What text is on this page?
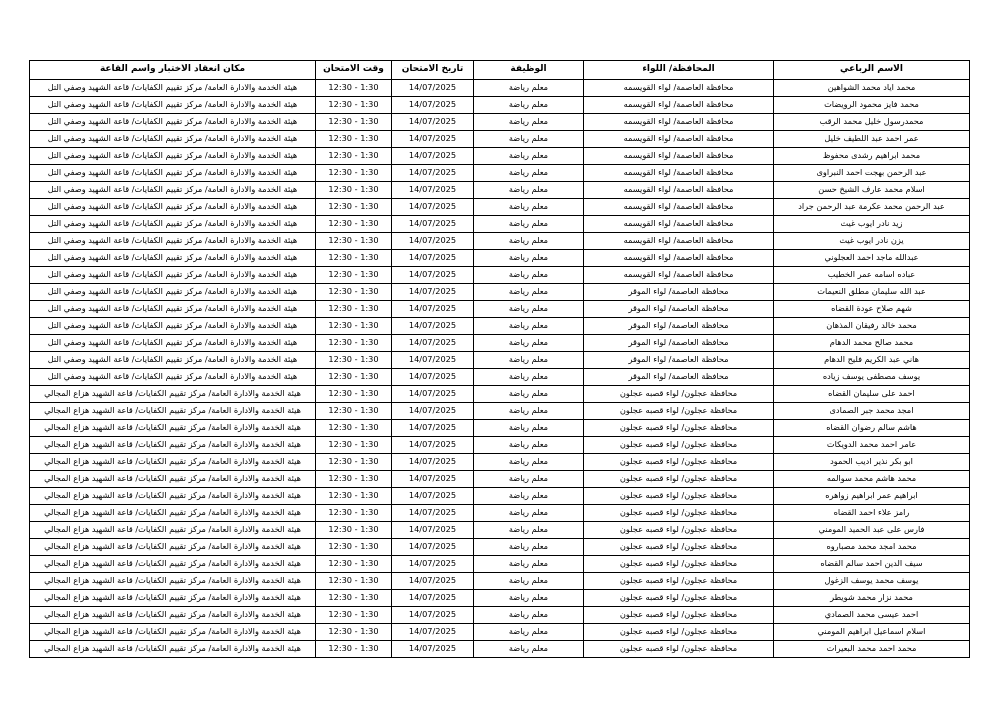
الاسم الرباعي	المحافظة/ اللواء	الوظيفة	تاريخ الامتحان	وقت الامتحان	مكان انعقاد الاختبار واسم القاعة
محمد اياد محمد الشواهين	محافظة العاصمة/ لواء القويسمه	معلم رياضة	14/07/2025	1:30 - 12:30	هيئة الخدمة والادارة العامة/ مركز تقييم الكفايات/ قاعة الشهيد وصفي التل
محمد فايز محمود الرويضات	محافظة العاصمة/ لواء القويسمه	معلم رياضة	14/07/2025	1:30 - 12:30	هيئة الخدمة والادارة العامة/ مركز تقييم الكفايات/ قاعة الشهيد وصفي التل
محمدرسول خليل محمد الرقب	محافظة العاصمة/ لواء القويسمه	معلم رياضة	14/07/2025	1:30 - 12:30	هيئة الخدمة والادارة العامة/ مركز تقييم الكفايات/ قاعة الشهيد وصفي التل
عمر احمد عبد اللطيف خليل	محافظة العاصمة/ لواء القويسمه	معلم رياضة	14/07/2025	1:30 - 12:30	هيئة الخدمة والادارة العامة/ مركز تقييم الكفايات/ قاعة الشهيد وصفي التل
محمد ابراهيم رشدى محفوظ	محافظة العاصمة/ لواء القويسمه	معلم رياضة	14/07/2025	1:30 - 12:30	هيئة الخدمة والادارة العامة/ مركز تقييم الكفايات/ قاعة الشهيد وصفي التل
عبد الرحمن بهجت احمد النبراوى	محافظة العاصمة/ لواء القويسمه	معلم رياضة	14/07/2025	1:30 - 12:30	هيئة الخدمة والادارة العامة/ مركز تقييم الكفايات/ قاعة الشهيد وصفي التل
اسلام محمد عارف الشيخ حسن	محافظة العاصمة/ لواء القويسمه	معلم رياضة	14/07/2025	1:30 - 12:30	هيئة الخدمة والادارة العامة/ مركز تقييم الكفايات/ قاعة الشهيد وصفي التل
عبد الرحمن محمد عكرمة عبد الرحمن جراد	محافظة العاصمة/ لواء القويسمه	معلم رياضة	14/07/2025	1:30 - 12:30	هيئة الخدمة والادارة العامة/ مركز تقييم الكفايات/ قاعة الشهيد وصفي التل
زيد نادر ايوب غيث	محافظة العاصمة/ لواء القويسمه	معلم رياضة	14/07/2025	1:30 - 12:30	هيئة الخدمة والادارة العامة/ مركز تقييم الكفايات/ قاعة الشهيد وصفي التل
يزن نادر ايوب غيث	محافظة العاصمة/ لواء القويسمه	معلم رياضة	14/07/2025	1:30 - 12:30	هيئة الخدمة والادارة العامة/ مركز تقييم الكفايات/ قاعة الشهيد وصفي التل
عبدالله ماجد احمد العجلوني	محافظة العاصمة/ لواء القويسمه	معلم رياضة	14/07/2025	1:30 - 12:30	هيئة الخدمة والادارة العامة/ مركز تقييم الكفايات/ قاعة الشهيد وصفي التل
عباده اسامه عمر الخطيب	محافظة العاصمة/ لواء القويسمه	معلم رياضة	14/07/2025	1:30 - 12:30	هيئة الخدمة والادارة العامة/ مركز تقييم الكفايات/ قاعة الشهيد وصفي التل
عبد الله سليمان مطلق النعيمات	محافظة العاصمة/ لواء الموقر	معلم رياضة	14/07/2025	1:30 - 12:30	هيئة الخدمة والادارة العامة/ مركز تقييم الكفايات/ قاعة الشهيد وصفي التل
شهم صلاح عودة القضاه	محافظة العاصمة/ لواء الموقر	معلم رياضة	14/07/2025	1:30 - 12:30	هيئة الخدمة والادارة العامة/ مركز تقييم الكفايات/ قاعة الشهيد وصفي التل
محمد خالد رفيقان المذهان	محافظة العاصمة/ لواء الموقر	معلم رياضة	14/07/2025	1:30 - 12:30	هيئة الخدمة والادارة العامة/ مركز تقييم الكفايات/ قاعة الشهيد وصفي التل
محمد صالح محمد الدهام	محافظة العاصمة/ لواء الموقر	معلم رياضة	14/07/2025	1:30 - 12:30	هيئة الخدمة والادارة العامة/ مركز تقييم الكفايات/ قاعة الشهيد وصفي التل
هاني عبد الكريم فليح الدهام	محافظة العاصمة/ لواء الموقر	معلم رياضة	14/07/2025	1:30 - 12:30	هيئة الخدمة والادارة العامة/ مركز تقييم الكفايات/ قاعة الشهيد وصفي التل
يوسف مصطفى يوسف زياده	محافظة العاصمة/ لواء الموقر	معلم رياضة	14/07/2025	1:30 - 12:30	هيئة الخدمة والادارة العامة/ مركز تقييم الكفايات/ قاعة الشهيد وصفي التل
احمد على سليمان القضاه	محافظة عجلون/ لواء قصبه عجلون	معلم رياضة	14/07/2025	1:30 - 12:30	هيئة الخدمة والادارة العامة/ مركز تقييم الكفايات/ قاعة الشهيد هزاع المجالي
امجد محمد جبر الصمادى	محافظة عجلون/ لواء قصبه عجلون	معلم رياضة	14/07/2025	1:30 - 12:30	هيئة الخدمة والادارة العامة/ مركز تقييم الكفايات/ قاعة الشهيد هزاع المجالي
هاشم سالم رضوان القضاه	محافظة عجلون/ لواء قصبه عجلون	معلم رياضة	14/07/2025	1:30 - 12:30	هيئة الخدمة والادارة العامة/ مركز تقييم الكفايات/ قاعة الشهيد هزاع المجالي
عامر احمد محمد الدويكات	محافظة عجلون/ لواء قصبه عجلون	معلم رياضة	14/07/2025	1:30 - 12:30	هيئة الخدمة والادارة العامة/ مركز تقييم الكفايات/ قاعة الشهيد هزاع المجالي
ابو بكر نذير اديب الحمود	محافظة عجلون/ لواء قصبه عجلون	معلم رياضة	14/07/2025	1:30 - 12:30	هيئة الخدمة والادارة العامة/ مركز تقييم الكفايات/ قاعة الشهيد هزاع المجالي
محمد هاشم محمد سوالمه	محافظة عجلون/ لواء قصبه عجلون	معلم رياضة	14/07/2025	1:30 - 12:30	هيئة الخدمة والادارة العامة/ مركز تقييم الكفايات/ قاعة الشهيد هزاع المجالي
ابراهيم عمر ابراهيم زواهره	محافظة عجلون/ لواء قصبه عجلون	معلم رياضة	14/07/2025	1:30 - 12:30	هيئة الخدمة والادارة العامة/ مركز تقييم الكفايات/ قاعة الشهيد هزاع المجالي
رامز علاء احمد القضاه	محافظة عجلون/ لواء قصبه عجلون	معلم رياضة	14/07/2025	1:30 - 12:30	هيئة الخدمة والادارة العامة/ مركز تقييم الكفايات/ قاعة الشهيد هزاع المجالي
فارس على عبد الحميد المومني	محافظة عجلون/ لواء قصبه عجلون	معلم رياضة	14/07/2025	1:30 - 12:30	هيئة الخدمة والادارة العامة/ مركز تقييم الكفايات/ قاعة الشهيد هزاع المجالي
محمد امجد محمد مصباروه	محافظة عجلون/ لواء قصبه عجلون	معلم رياضة	14/07/2025	1:30 - 12:30	هيئة الخدمة والادارة العامة/ مركز تقييم الكفايات/ قاعة الشهيد هزاع المجالي
سيف الدين احمد سالم القضاه	محافظة عجلون/ لواء قصبه عجلون	معلم رياضة	14/07/2025	1:30 - 12:30	هيئة الخدمة والادارة العامة/ مركز تقييم الكفايات/ قاعة الشهيد هزاع المجالي
يوسف محمد يوسف الزغول	محافظة عجلون/ لواء قصبه عجلون	معلم رياضة	14/07/2025	1:30 - 12:30	هيئة الخدمة والادارة العامة/ مركز تقييم الكفايات/ قاعة الشهيد هزاع المجالي
محمد نزار محمد شويطر	محافظة عجلون/ لواء قصبه عجلون	معلم رياضة	14/07/2025	1:30 - 12:30	هيئة الخدمة والادارة العامة/ مركز تقييم الكفايات/ قاعة الشهيد هزاع المجالي
احمد عيسى محمد الصمادي	محافظة عجلون/ لواء قصبه عجلون	معلم رياضة	14/07/2025	1:30 - 12:30	هيئة الخدمة والادارة العامة/ مركز تقييم الكفايات/ قاعة الشهيد هزاع المجالي
اسلام اسماعيل ابراهيم المومني	محافظة عجلون/ لواء قصبه عجلون	معلم رياضة	14/07/2025	1:30 - 12:30	هيئة الخدمة والادارة العامة/ مركز تقييم الكفايات/ قاعة الشهيد هزاع المجالي
محمد احمد محمد البعيرات	محافظة عجلون/ لواء قصبه عجلون	معلم رياضة	14/07/2025	1:30 - 12:30	هيئة الخدمة والادارة العامة/ مركز تقييم الكفايات/ قاعة الشهيد هزاع المجالي
